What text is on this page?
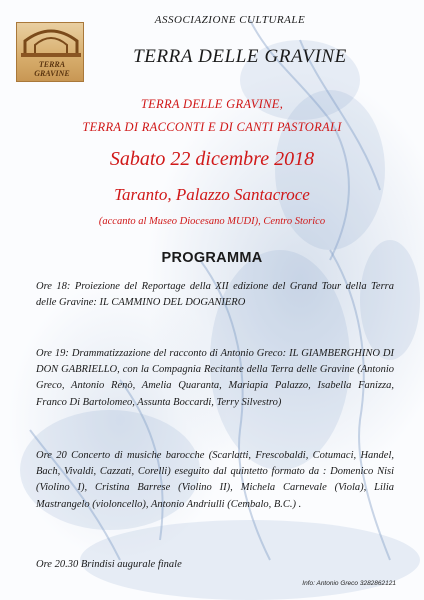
TERRA
GRAVINE
ASSOCIAZIONE CULTURALE
TERRA DELLE GRAVINE
TERRA DELLE GRAVINE,
TERRA DI RACCONTI E DI CANTI PASTORALI
Sabato 22 dicembre 2018
Taranto, Palazzo Santacroce
(accanto al Museo Diocesano MUDI), Centro Storico
PROGRAMMA
Ore 18: Proiezione del Reportage della XII edizione del Grand Tour della Terra delle Gravine: IL CAMMINO DEL DOGANIERO
Ore 19: Drammatizzazione del racconto di Antonio Greco: IL GIAMBERGHINO DI DON GABRIELLO, con la Compagnia Recitante della Terra delle Gravine (Antonio Greco, Antonio Renò, Amelia Quaranta, Mariapia Palazzo, Isabella Fanizza, Franco Di Bartolomeo, Assunta Boccardi, Terry Silvestro)
Ore 20 Concerto di musiche barocche (Scarlatti, Frescobaldi, Cotumaci, Handel, Bach, Vivaldi, Cazzati, Corelli) eseguito dal quintetto formato da : Domenico Nisi (Violino I), Cristina Barrese (Violino II), Michela Carnevale (Viola), Lilia Mastrangelo (violoncello), Antonio Andriulli (Cembalo, B.C.) .
Ore 20.30 Brindisi augurale finale
Info: Antonio Greco 3282862121
